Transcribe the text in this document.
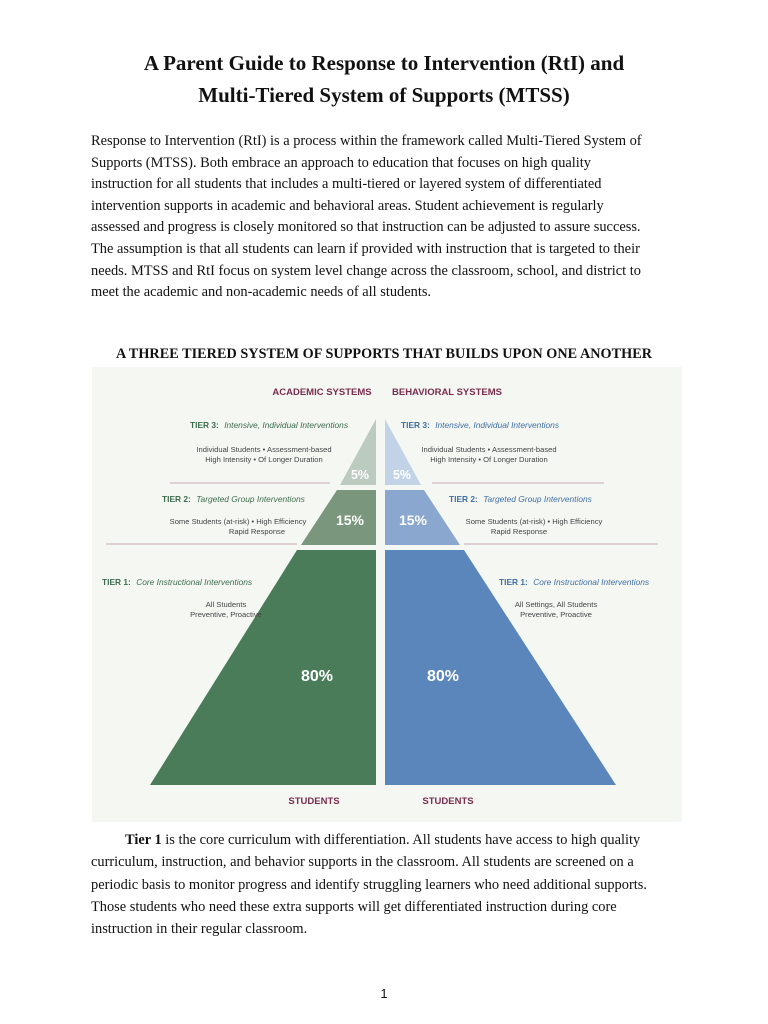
A Parent Guide to Response to Intervention (RtI) and
Multi-Tiered System of Supports (MTSS)
Response to Intervention (RtI) is a process within the framework called Multi-Tiered System of
Supports (MTSS). Both embrace an approach to education that focuses on high quality
instruction for all students that includes a multi-tiered or layered system of differentiated
intervention supports in academic and behavioral areas. Student achievement is regularly
assessed and progress is closely monitored so that instruction can be adjusted to assure success.
The assumption is that all students can learn if provided with instruction that is targeted to their
needs. MTSS and RtI focus on system level change across the classroom, school, and district to
meet the academic and non-academic needs of all students.
A THREE TIERED SYSTEM OF SUPPORTS THAT BUILDS UPON ONE ANOTHER
ACADEMIC SYSTEMS BEHAVIORAL SYSTEMS
TIER 3: Intensive, Individual Interventions
Individual Students • Assessment-based
High Intensity • Of Longer Duration
5%
TIER 2: Targeted Group Interventions
Some Students (at-risk) • High Efficiency
Rapid Response
15%
TIER 1: Core Instructional Interventions
All Students
Preventive, Proactive
80%
TIER 3: Intensive, Individual Interventions
Individual Students • Assessment-based
High Intensity • Of Longer Duration
5%
TIER 2: Targeted Group Interventions
Some Students (at-risk) • High Efficiency
Rapid Response
15%
TIER 1: Core Instructional Interventions
All Settings, All Students
Preventive, Proactive
80%
STUDENTS	STUDENTS
Tier 1 is the core curriculum with differentiation. All students have access to high quality
curriculum, instruction, and behavior supports in the classroom. All students are screened on a
periodic basis to monitor progress and identify struggling learners who need additional supports.
Those students who need these extra supports will get differentiated instruction during core
instruction in their regular classroom.
1
